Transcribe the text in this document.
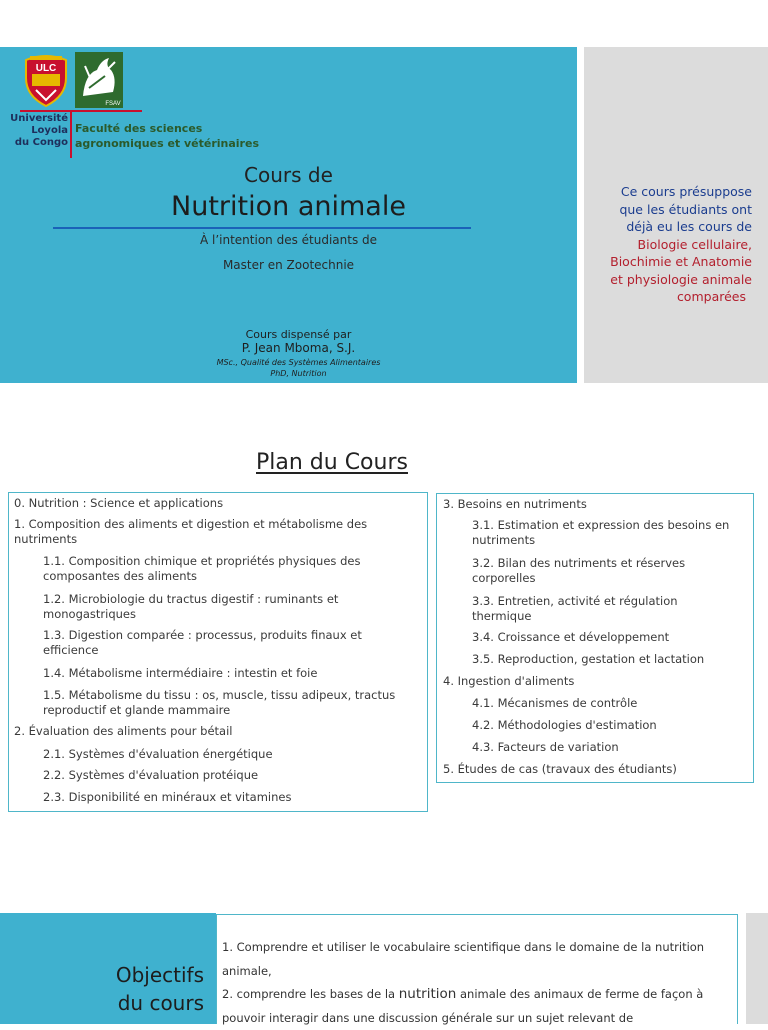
ULC
FSAV
Université
Loyola
du Congo
Faculté des sciences
agronomiques et vétérinaires
Cours de
Nutrition animale
À l’intention des étudiants de
Master en Zootechnie
Cours dispensé par
P. Jean Mboma, S.J.
MSc., Qualité des Systèmes Alimentaires
PhD, Nutrition
Ce cours présuppose
que les étudiants ont
déjà eu les cours de
Biologie cellulaire,
Biochimie et Anatomie
et physiologie animale
comparées
Plan du Cours
0. Nutrition : Science et applications
1. Composition des aliments et digestion et métabolisme des nutriments
1.1. Composition chimique et propriétés physiques des composantes des aliments
1.2. Microbiologie du tractus digestif : ruminants et monogastriques
1.3. Digestion comparée : processus, produits finaux et efficience
1.4. Métabolisme intermédiaire : intestin et foie
1.5. Métabolisme du tissu : os, muscle, tissu adipeux, tractus reproductif et glande mammaire
2. Évaluation des aliments pour bétail
2.1. Systèmes d'évaluation énergétique
2.2. Systèmes d'évaluation protéique
2.3. Disponibilité en minéraux et vitamines
3. Besoins en nutriments
3.1. Estimation et expression des besoins en nutriments
3.2. Bilan des nutriments et réserves corporelles
3.3. Entretien, activité et régulation thermique
3.4. Croissance et développement
3.5. Reproduction, gestation et lactation
4. Ingestion d'aliments
4.1. Mécanismes de contrôle
4.2. Méthodologies d'estimation
4.3. Facteurs de variation
5. Études de cas (travaux des étudiants)
Objectifs
du cours
1. Comprendre et utiliser le vocabulaire scientifique dans le domaine de la nutrition animale,
2. comprendre les bases de la nutrition animale des animaux de ferme de façon à pouvoir interagir dans une discussion générale sur un sujet relevant de
